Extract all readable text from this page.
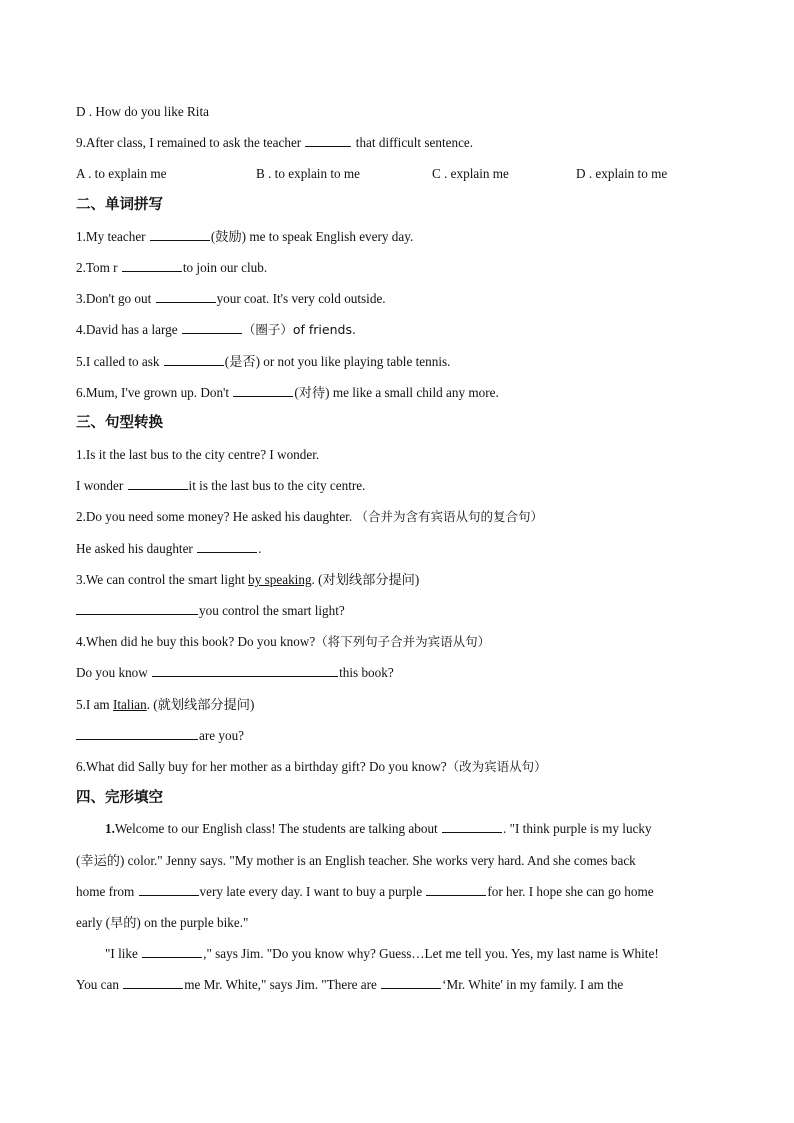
D . How do you like Rita
9.After class, I remained to ask the teacher	that difficult sentence.
A . to explain me	B . to explain to me	C . explain me	D . explain to me
二、单词拼写
1.My teacher	(鼓励) me to speak English every day.
2.Tom r	to join our club.
3.Don't go out	your coat. It's very cold outside.
4.David has a large	（圈子）of friends.
5.I called to ask	(是否) or not you like playing table tennis.
6.Mum, I've grown up. Don't	(对待) me like a small child any more.
三、句型转换
1.Is it the last bus to the city centre? I wonder.
I wonder	it is the last bus to the city centre.
2.Do you need some money? He asked his daughter. （合并为含有宾语从句的复合句）
He asked his daughter	.
3.We can control the smart light by speaking. (对划线部分提问)
you control the smart light?
4.When did he buy this book? Do you know?（将下列句子合并为宾语从句）
Do you know	this book?
5.I am Italian. (就划线部分提问)
are you?
6.What did Sally buy for her mother as a birthday gift? Do you know?（改为宾语从句）
四、完形填空
1.Welcome to our English class! The students are talking about	. "I think purple is my lucky
(幸运的) color." Jenny says. "My mother is an English teacher. She works very hard. And she comes back
home from	very late every day. I want to buy a purple	for her. I hope she can go home
early (早的) on the purple bike."
"I like	," says Jim. "Do you know why? Guess…Let me tell you. Yes, my last name is White!
You can	me Mr. White," says Jim. "There are	‘Mr. White' in my family. I am the
